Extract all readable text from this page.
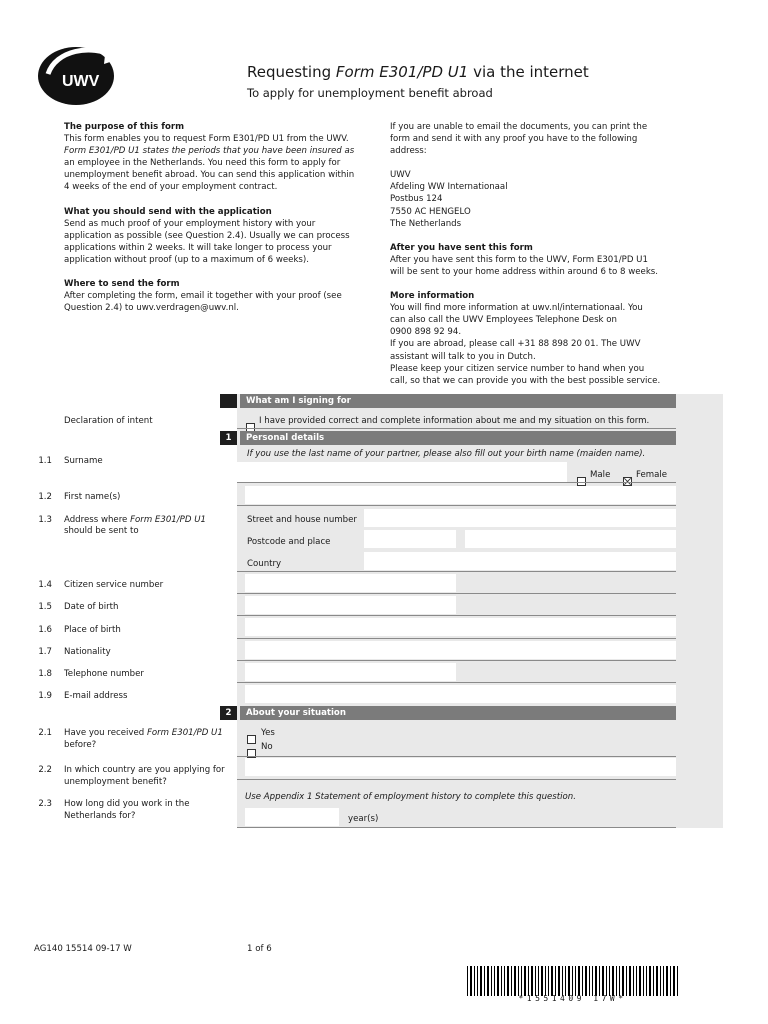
UWV
Requesting Form E301/PD U1 via the internet
To apply for unemployment benefit abroad
The purpose of this form
This form enables you to request Form E301/PD U1 from the UWV.
Form E301/PD U1 states the periods that you have been insured as
an employee in the Netherlands. You need this form to apply for
unemployment benefit abroad. You can send this application within
4 weeks of the end of your employment contract.
What you should send with the application
Send as much proof of your employment history with your
application as possible (see Question 2.4). Usually we can process
applications within 2 weeks. It will take longer to process your
application without proof (up to a maximum of 6 weeks).
Where to send the form
After completing the form, email it together with your proof (see
Question 2.4) to uwv.verdragen@uwv.nl.
If you are unable to email the documents, you can print the
form and send it with any proof you have to the following
address:
UWV
Afdeling WW Internationaal
Postbus 124
7550 AC HENGELO
The Netherlands
After you have sent this form
After you have sent this form to the UWV, Form E301/PD U1
will be sent to your home address within around 6 to 8 weeks.
More information
You will find more information at uwv.nl/internationaal. You
can also call the UWV Employees Telephone Desk on
0900 898 92 94.
If you are abroad, please call +31 88 898 20 01. The UWV
assistant will talk to you in Dutch.
Please keep your citizen service number to hand when you
call, so that we can provide you with the best possible service.
What am I signing for
Declaration of intent	I have provided correct and complete information about me and my situation on this form.
1	Personal details
1.1 Surname
If you use the last name of your partner, please also fill out your birth name (maiden name).
Male	Female
1.2 First name(s)
1.3 Address where Form E301/PD U1
should be sent to
Street and house number
Postcode and place
Country
1.4 Citizen service number
1.5 Date of birth
1.6 Place of birth
1.7 Nationality
1.8 Telephone number
1.9 E-mail address
2	About your situation
2.1 Have you received Form E301/PD U1
before?
Yes
No
2.2 In which country are you applying for
unemployment benefit?
2.3 How long did you work in the
Netherlands for?
Use Appendix 1 Statement of employment history to complete this question.
year(s)
AG140 15514 09-17 W	1 of 6
*1551409 17W*
